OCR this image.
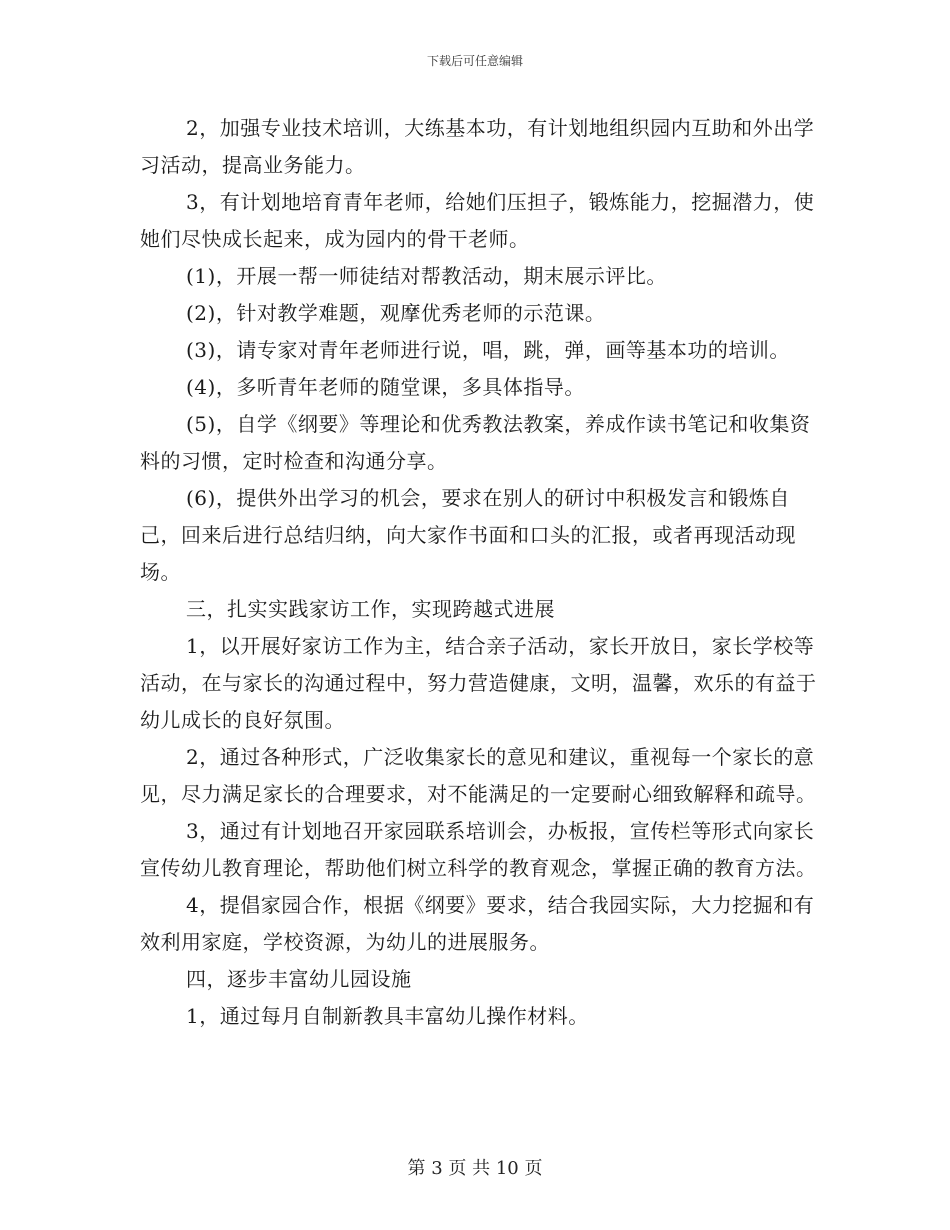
下载后可任意编辑

2，加强专业技术培训，大练基本功，有计划地组织园内互助和外出学习活动，提高业务能力。

3，有计划地培育青年老师，给她们压担子，锻炼能力，挖掘潜力，使她们尽快成长起来，成为园内的骨干老师。

(1)，开展一帮一师徒结对帮教活动，期末展示评比。

(2)，针对教学难题，观摩优秀老师的示范课。

(3)，请专家对青年老师进行说，唱，跳，弹，画等基本功的培训。

(4)，多听青年老师的随堂课，多具体指导。

(5)，自学《纲要》等理论和优秀教法教案，养成作读书笔记和收集资料的习惯，定时检查和沟通分享。

(6)，提供外出学习的机会，要求在别人的研讨中积极发言和锻炼自己，回来后进行总结归纳，向大家作书面和口头的汇报，或者再现活动现场。

三，扎实实践家访工作，实现跨越式进展

1，以开展好家访工作为主，结合亲子活动，家长开放日，家长学校等活动，在与家长的沟通过程中，努力营造健康，文明，温馨，欢乐的有益于幼儿成长的良好氛围。

2，通过各种形式，广泛收集家长的意见和建议，重视每一个家长的意见，尽力满足家长的合理要求，对不能满足的一定要耐心细致解释和疏导。

3，通过有计划地召开家园联系培训会，办板报，宣传栏等形式向家长宣传幼儿教育理论，帮助他们树立科学的教育观念，掌握正确的教育方法。

4，提倡家园合作，根据《纲要》要求，结合我园实际，大力挖掘和有效利用家庭，学校资源，为幼儿的进展服务。

四，逐步丰富幼儿园设施

1，通过每月自制新教具丰富幼儿操作材料。

第 3 页 共 10 页
